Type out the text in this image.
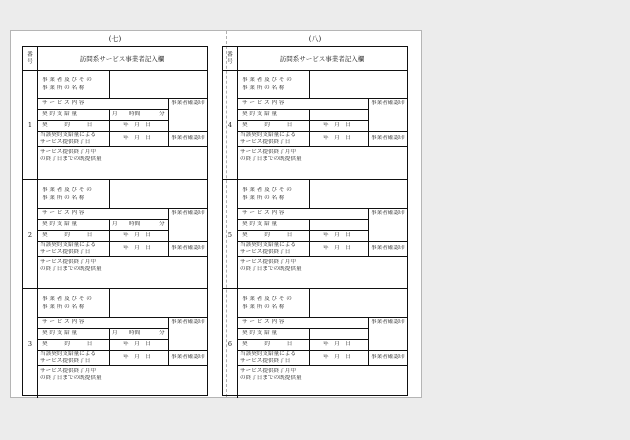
(七)
番
号	訪問系サービス事業者記入欄
1
事 業 者 及 び そ の
事 業 所 の 名 称
サ ー ビ ス 内 容	事業者確認印
契 約 支 給 量	月 時間	分
契　　　約　　　日	年　月　日
当該契約支給量による
サービス提供終了日
年　月　日	事業者確認印
サービス提供終了月中
の終了日までの既提供量
2
事 業 者 及 び そ の
事 業 所 の 名 称
サ ー ビ ス 内 容	事業者確認印
契 約 支 給 量	月 時間	分
契　　　約　　　日	年　月　日
当該契約支給量による
サービス提供終了日
年　月　日	事業者確認印
サービス提供終了月中
の終了日までの既提供量
3
事 業 者 及 び そ の
事 業 所 の 名 称
サ ー ビ ス 内 容	事業者確認印
契 約 支 給 量	月 時間	分
契　　　約　　　日	年　月　日
当該契約支給量による
サービス提供終了日
年　月　日	事業者確認印
サービス提供終了月中
の終了日までの既提供量
(八)
番
号	訪問系サービス事業者記入欄
4
事 業 者 及 び そ の
事 業 所 の 名 称
サ ー ビ ス 内 容	事業者確認印
契 約 支 給 量
契　　　約　　　日	年　月　日
当該契約支給量による
サービス提供終了日
年　月　日	事業者確認印
サービス提供終了月中
の終了日までの既提供量
5
事 業 者 及 び そ の
事 業 所 の 名 称
サ ー ビ ス 内 容	事業者確認印
契 約 支 給 量
契　　　約　　　日	年　月　日
当該契約支給量による
サービス提供終了日
年　月　日	事業者確認印
サービス提供終了月中
の終了日までの既提供量
6
事 業 者 及 び そ の
事 業 所 の 名 称
サ ー ビ ス 内 容	事業者確認印
契 約 支 給 量
契　　　約　　　日	年　月　日
当該契約支給量による
サービス提供終了日
年　月　日	事業者確認印
サービス提供終了月中
の終了日までの既提供量
